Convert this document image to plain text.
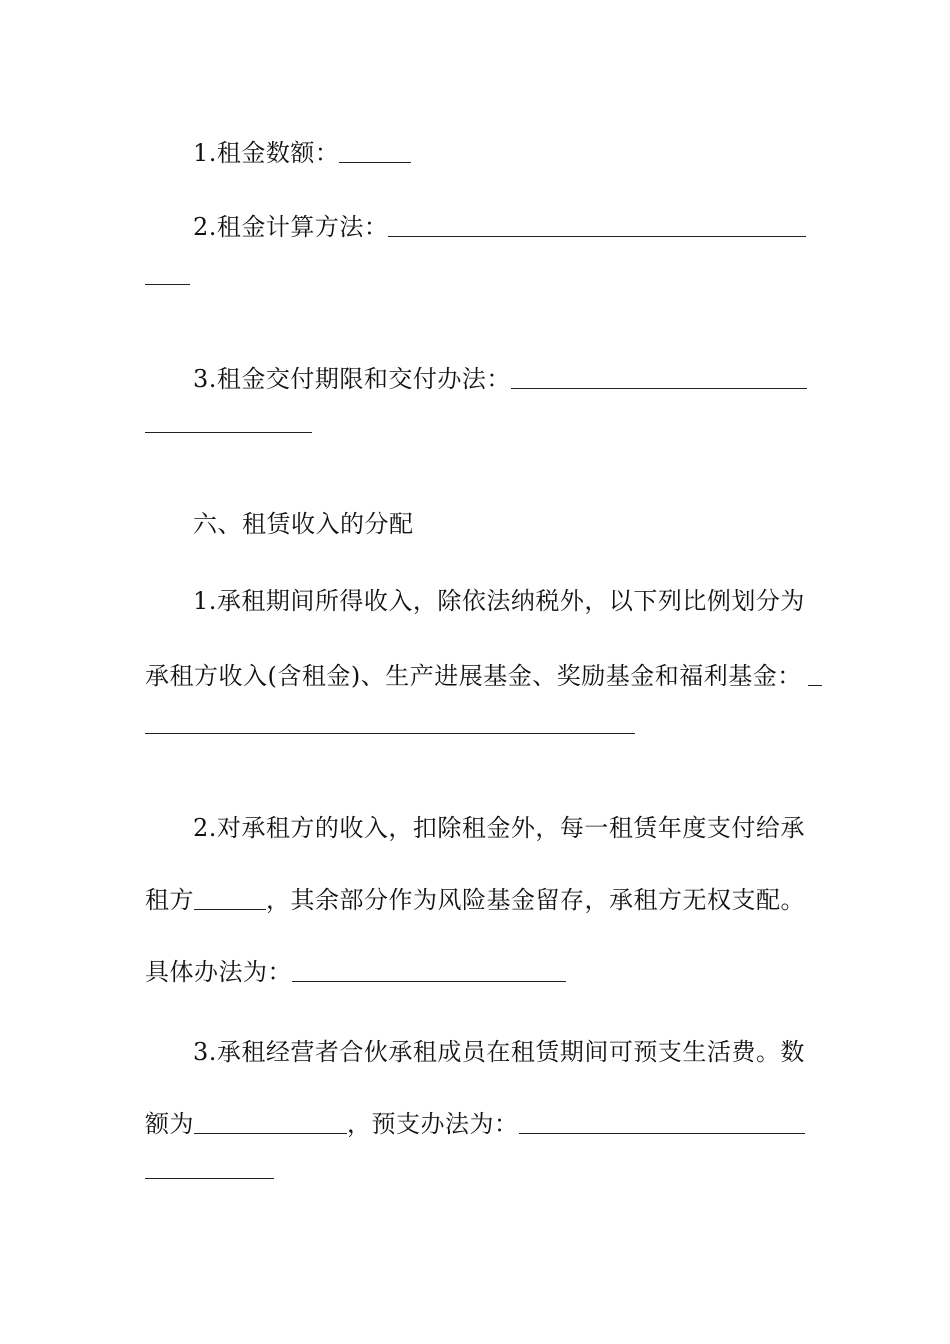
1.租金数额：
2.租金计算方法：
3.租金交付期限和交付办法：
六、租赁收入的分配
1.承租期间所得收入，除依法纳税外，以下列比例划分为
承租方收入(含租金)、生产进展基金、奖励基金和福利基金：
2.对承租方的收入，扣除租金外，每一租赁年度支付给承
租方	，其余部分作为风险基金留存，承租方无权支配。
具体办法为：
3.承租经营者合伙承租成员在租赁期间可预支生活费。数
额为	，预支办法为：
